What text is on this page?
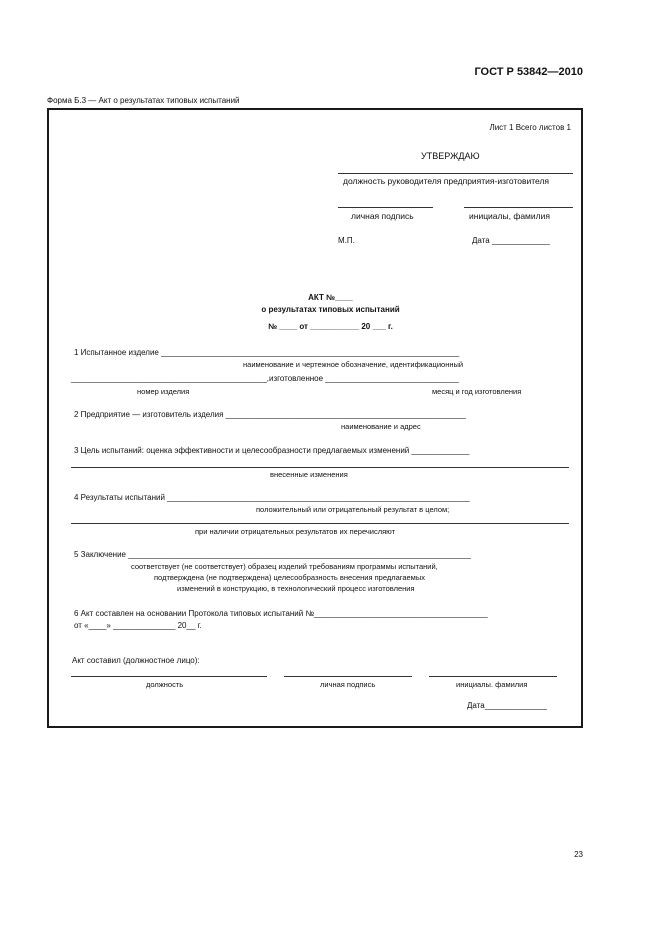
ГОСТ Р 53842—2010
Форма Б.3 — Акт о результатах типовых испытаний
Лист 1 Всего листов 1
УТВЕРЖДАЮ
должность руководителя предприятия-изготовителя
личная подпись	инициалы, фамилия
М.П.	Дата _____________
АКТ №____
о результатах типовых испытаний
№ ____ от ___________ 20 ___ г.
1 Испытанное изделие ___________________________________________________________________
наименование и чертежное обозначение, идентификационный
____________________________________________,изготовленное ______________________________
номер изделия	месяц и год изготовления
2 Предприятие — изготовитель изделия ______________________________________________________
наименование и адрес
3 Цель испытаний: оценка эффективности и целесообразности предлагаемых изменений _____________
внесенные изменения
4 Результаты испытаний ____________________________________________________________________
положительный или отрицательный результат в целом;
при наличии отрицательных результатов их перечисляют
5 Заключение _____________________________________________________________________________
соответствует (не соответствует) образец изделий требованиям программы испытаний,
подтверждена (не подтверждена) целесообразность внесения предлагаемых
изменений в конструкцию, в технологический процесс изготовления
6 Акт составлен на основании Протокола типовых испытаний №_______________________________________
от «____» ______________ 20__ г.
Акт составил (должностное лицо):
должность	личная подпись	инициалы. фамилия
Дата______________
23
